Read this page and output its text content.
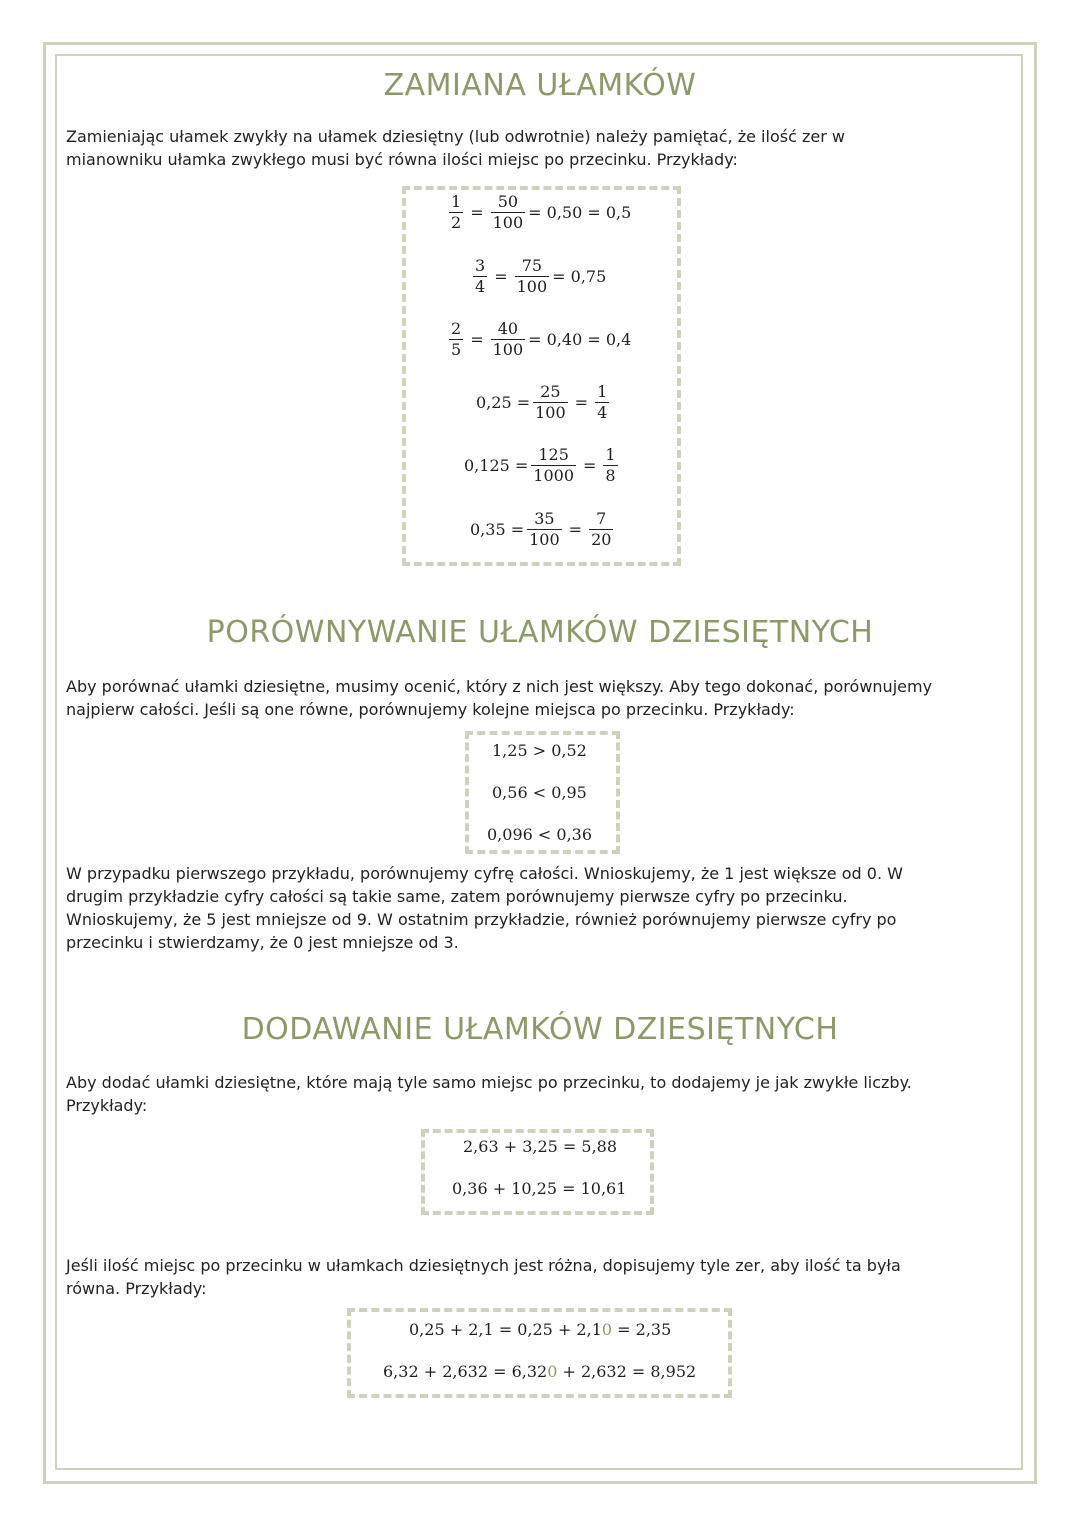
ZAMIANA UŁAMKÓW

Zamieniając ułamek zwykły na ułamek dziesiętny (lub odwrotnie) należy pamiętać, że ilość zer w
mianowniku ułamka zwykłego musi być równa ilości miejsc po przecinku. Przykłady:

$\frac{1}{2} = \frac{50}{100} = 0,50 = 0,5$
$\frac{3}{4} = \frac{75}{100} = 0,75$
$\frac{2}{5} = \frac{40}{100} = 0,40 = 0,4$
$0,25 = \frac{25}{100} = \frac{1}{4}$
$0,125 = \frac{125}{1000} = \frac{1}{8}$
$0,35 = \frac{35}{100} = \frac{7}{20}$
PORÓWNYWANIE UŁAMKÓW DZIESIĘTNYCH

Aby porównać ułamki dziesiętne, musimy ocenić, który z nich jest większy. Aby tego dokonać, porównujemy
najpierw całości. Jeśli są one równe, porównujemy kolejne miejsca po przecinku. Przykłady:

1,25 > 0,52
0,56 < 0,95
0,096 < 0,36

W przypadku pierwszego przykładu, porównujemy cyfrę całości. Wnioskujemy, że 1 jest większe od 0. W
drugim przykładzie cyfry całości są takie same, zatem porównujemy pierwsze cyfry po przecinku.
Wnioskujemy, że 5 jest mniejsze od 9. W ostatnim przykładzie, również porównujemy pierwsze cyfry po
przecinku i stwierdzamy, że 0 jest mniejsze od 3.

DODAWANIE UŁAMKÓW DZIESIĘTNYCH

Aby dodać ułamki dziesiętne, które mają tyle samo miejsc po przecinku, to dodajemy je jak zwykłe liczby.
Przykłady:

2,63 + 3,25 = 5,88
0,36 + 10,25 = 10,61

Jeśli ilość miejsc po przecinku w ułamkach dziesiętnych jest różna, dopisujemy tyle zer, aby ilość ta była
równa. Przykłady:

0,25 + 2,1 = 0,25 + 2,10 = 2,35
6,32 + 2,632 = 6,320 + 2,632 = 8,952
